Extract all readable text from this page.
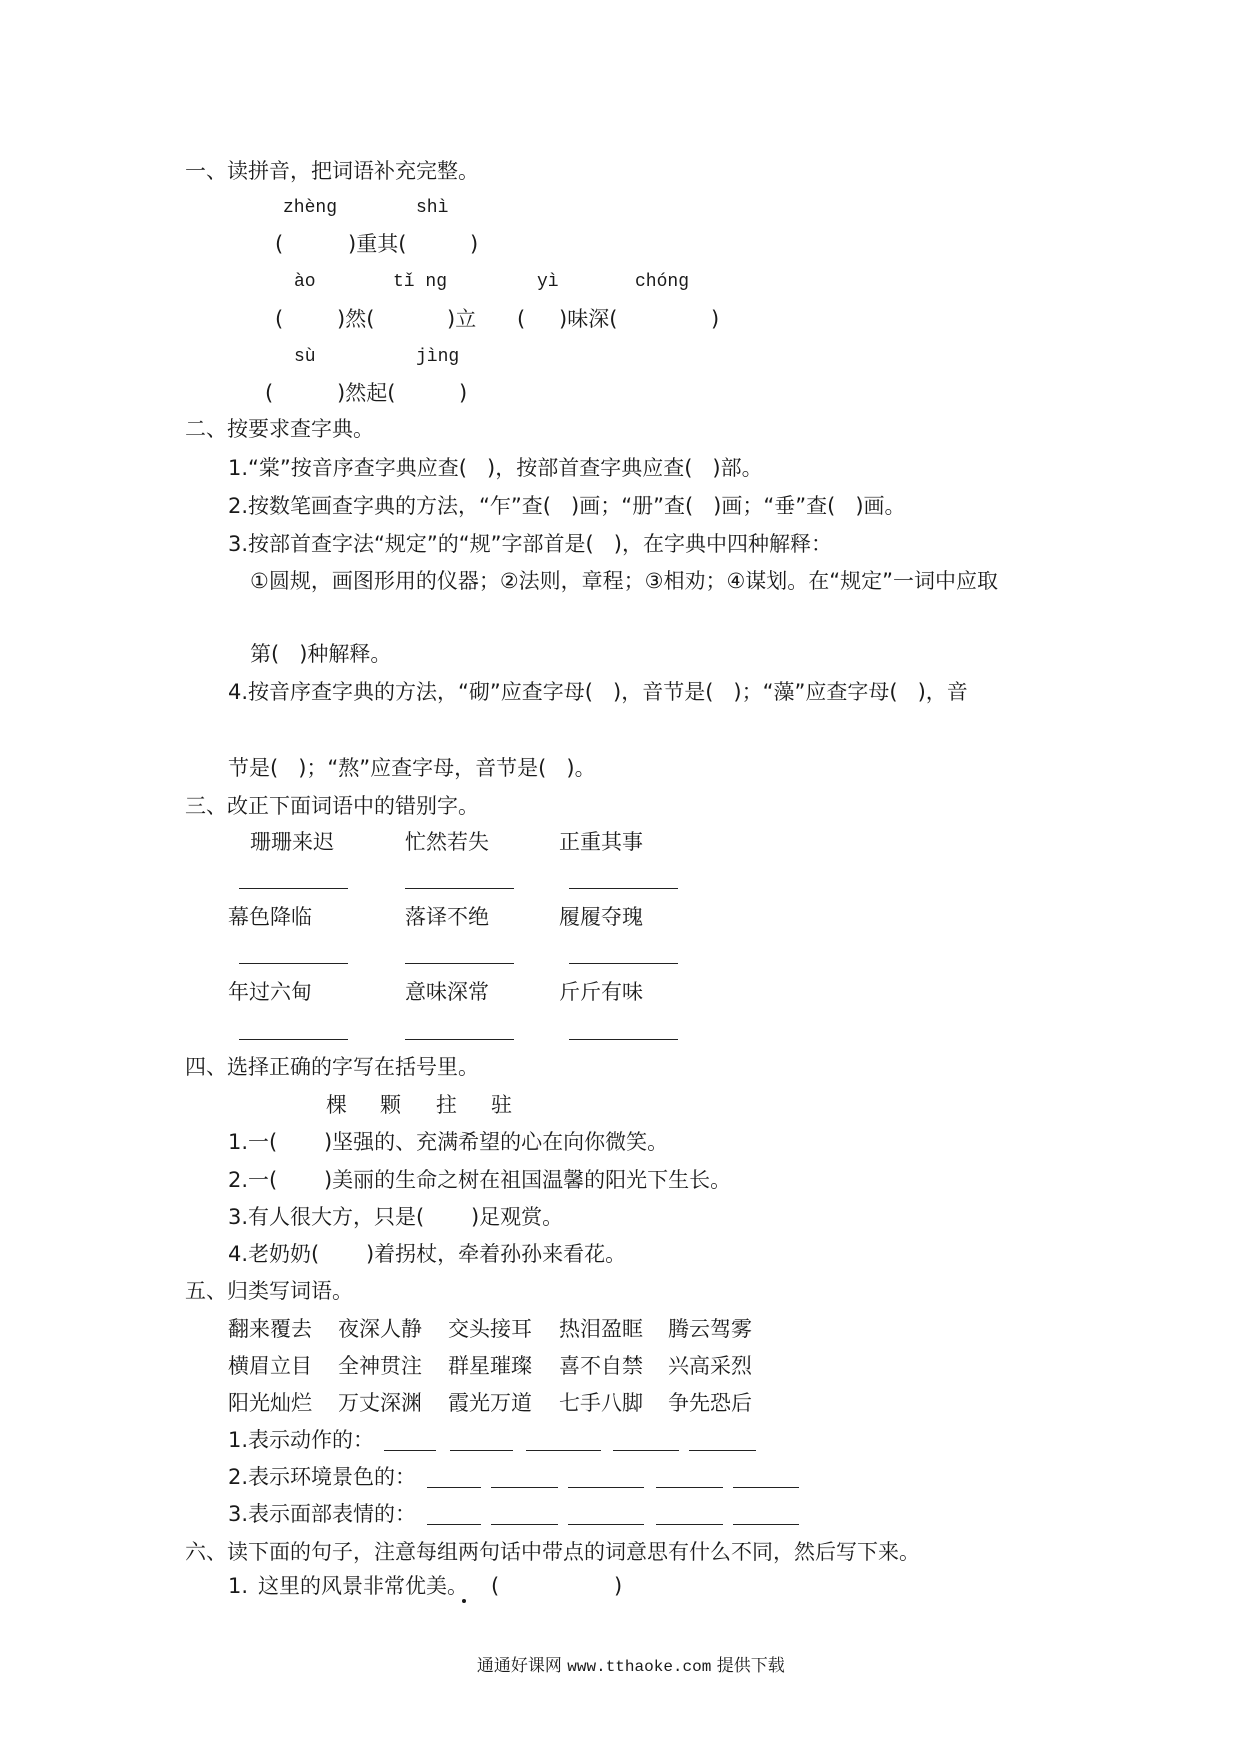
一、读拼音，把词语补充完整。
zhèng	shì
(	)重其(	)
ào	tǐ ng	yì	chóng
(	)然(	)立 ( )味深(	)
sù	jìng
(	)然起(	)
二、按要求查字典。
1.“棠”按音序查字典应查(   )，按部首查字典应查(   )部。
2.按数笔画查字典的方法，“乍”查(   )画；“册”查(   )画；“垂”查(   )画。
3.按部首查字法“规定”的“规”字部首是(   )，在字典中四种解释：
①圆规，画图形用的仪器；②法则，章程；③相劝；④谋划。在“规定”一词中应取
第(   )种解释。
4.按音序查字典的方法，“砌”应查字母(   )，音节是(   )；“藻”应查字母(   )，音
节是(   )；“熬”应查字母，音节是(   )。
三、改正下面词语中的错别字。
珊珊来迟	忙然若失	正重其事
幕色降临	落译不绝	履履夺瑰
年过六甸	意味深常	斤斤有味
四、选择正确的字写在括号里。
棵 颗 拄 驻
1.一(       )坚强的、充满希望的心在向你微笑。
2.一(       )美丽的生命之树在祖国温馨的阳光下生长。
3.有人很大方，只是(       )足观赏。
4.老奶奶(       )着拐杖，牵着孙孙来看花。
五、归类写词语。
翻来覆去 夜深人静 交头接耳 热泪盈眶 腾云驾雾
横眉立目 全神贯注 群星璀璨 喜不自禁 兴高采烈
阳光灿烂 万丈深渊 霞光万道 七手八脚 争先恐后
1.表示动作的：
2.表示环境景色的：
3.表示面部表情的：
六、读下面的句子，注意每组两句话中带点的词意思有什么不同，然后写下来。
1. 这里的风景非常优美。 (	)

通通好课网 www.tthaoke.com 提供下载
